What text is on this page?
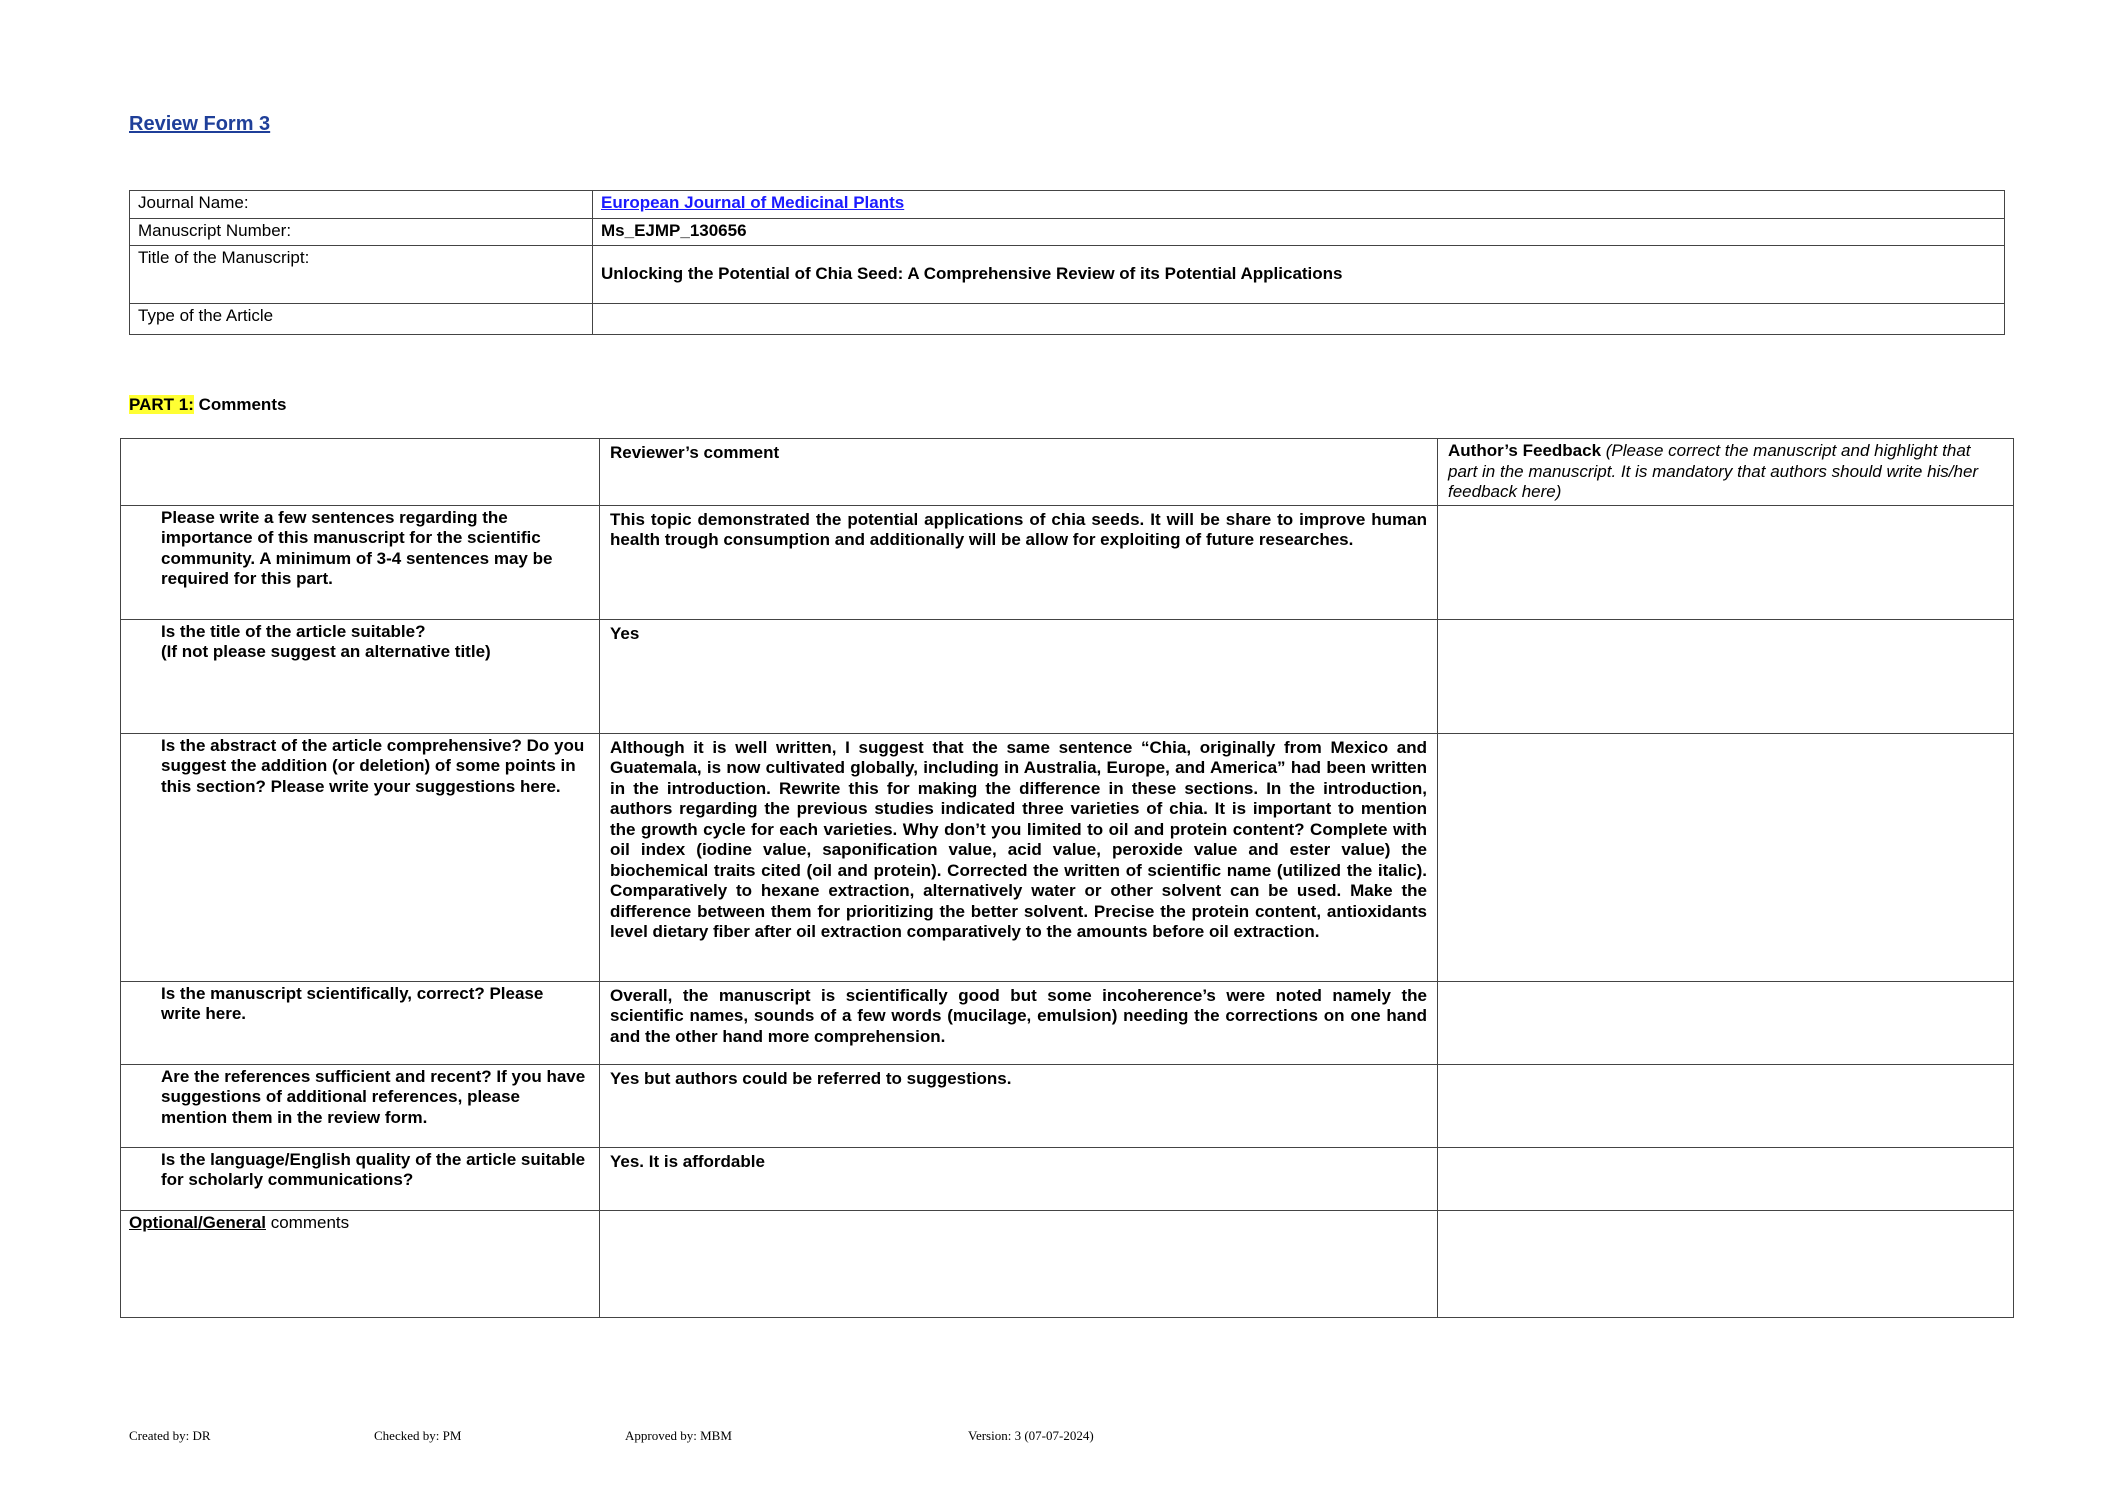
Review Form 3
Journal Name:	European Journal of Medicinal Plants
Manuscript Number:	Ms_EJMP_130656
Title of the Manuscript:	Unlocking the Potential of Chia Seed: A Comprehensive Review of its Potential Applications
Type of the Article	
PART 1: Comments
	Reviewer’s comment	Author’s Feedback (Please correct the manuscript and highlight that part in the manuscript. It is mandatory that authors should write his/her feedback here)
Please write a few sentences regarding the importance of this manuscript for the scientific community. A minimum of 3-4 sentences may be required for this part.	This topic demonstrated the potential applications of chia seeds. It will be share to improve human health trough consumption and additionally will be allow for exploiting of future researches.	
Is the title of the article suitable?
(If not please suggest an alternative title)	Yes	
Is the abstract of the article comprehensive? Do you suggest the addition (or deletion) of some points in this section? Please write your suggestions here.	Although it is well written, I suggest that the same sentence “Chia, originally from Mexico and Guatemala, is now cultivated globally, including in Australia, Europe, and America” had been written in the introduction. Rewrite this for making the difference in these sections. In the introduction, authors regarding the previous studies indicated three varieties of chia. It is important to mention the growth cycle for each varieties. Why don’t you limited to oil and protein content? Complete with oil index (iodine value, saponification value, acid value, peroxide value and ester value) the biochemical traits cited (oil and protein). Corrected the written of scientific name (utilized the italic). Comparatively to hexane extraction, alternatively water or other solvent can be used. Make the difference between them for prioritizing the better solvent. Precise the protein content, antioxidants level dietary fiber after oil extraction comparatively to the amounts before oil extraction.	
Is the manuscript scientifically, correct? Please write here.	Overall, the manuscript is scientifically good but some incoherence’s were noted namely the scientific names, sounds of a few words (mucilage, emulsion) needing the corrections on one hand and the other hand more comprehension.	
Are the references sufficient and recent? If you have suggestions of additional references, please mention them in the review form.	Yes but authors could be referred to suggestions.	
Is the language/English quality of the article suitable for scholarly communications?	Yes. It is affordable	
Optional/General comments		
Created by: DR	Checked by: PM	Approved by: MBM	Version: 3 (07-07-2024)
